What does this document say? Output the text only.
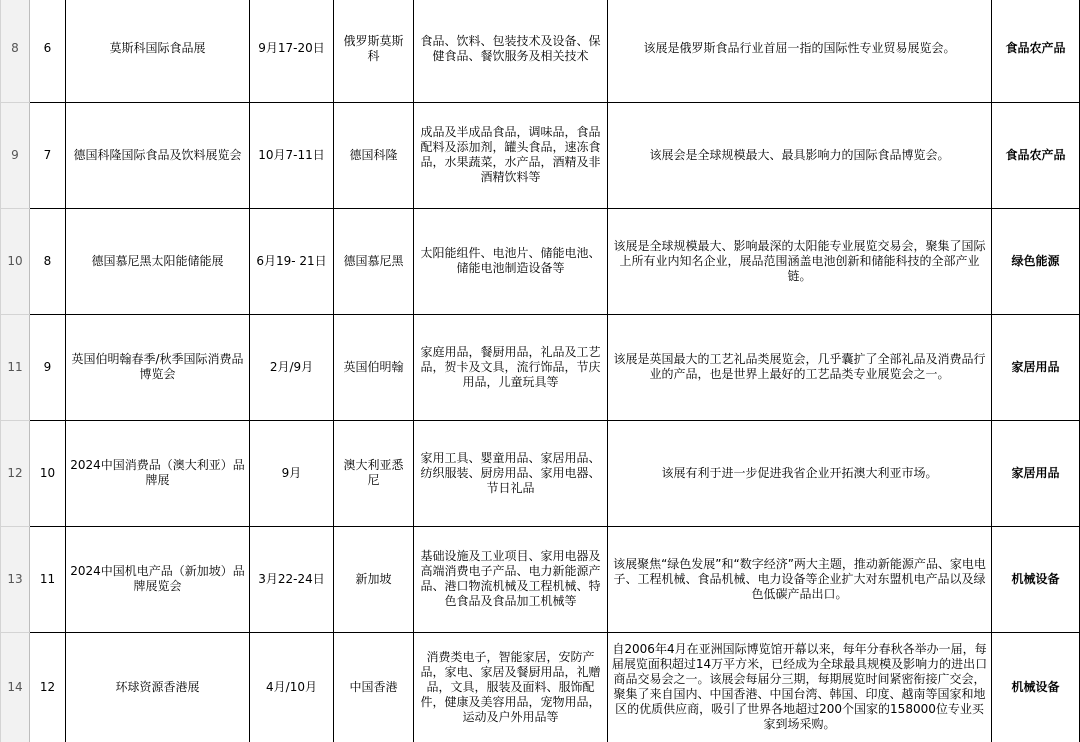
8	6	莫斯科国际食品展	9月17-20日	俄罗斯莫斯科	食品、饮料、包装技术及设备、保健食品、餐饮服务及相关技术	该展是俄罗斯食品行业首屈一指的国际性专业贸易展览会。	食品农产品
9	7	德国科隆国际食品及饮料展览会	10月7-11日	德国科隆	成品及半成品食品，调味品，食品配料及添加剂，罐头食品，速冻食品，水果蔬菜，水产品，酒精及非酒精饮料等	该展会是全球规模最大、最具影响力的国际食品博览会。	食品农产品
10	8	德国慕尼黑太阳能储能展	6月19- 21日	德国慕尼黑	太阳能组件、电池片、储能电池、储能电池制造设备等	该展是全球规模最大、影响最深的太阳能专业展览交易会，聚集了国际上所有业内知名企业，展品范围涵盖电池创新和储能科技的全部产业链。	绿色能源
11	9	英国伯明翰春季/秋季国际消费品博览会	2月/9月	英国伯明翰	家庭用品，餐厨用品，礼品及工艺品，贺卡及文具，流行饰品，节庆用品，儿童玩具等	该展是英国最大的工艺礼品类展览会，几乎囊扩了全部礼品及消费品行业的产品，也是世界上最好的工艺品类专业展览会之一。	家居用品
12	10	2024中国消费品（澳大利亚）品牌展	9月	澳大利亚悉尼	家用工具、婴童用品、家居用品、纺织服装、厨房用品、家用电器、节日礼品	该展有利于进一步促进我省企业开拓澳大利亚市场。	家居用品
13	11	2024中国机电产品（新加坡）品牌展览会	3月22-24日	新加坡	基础设施及工业项目、家用电器及高端消费电子产品、电力新能源产品、港口物流机械及工程机械、特色食品及食品加工机械等	该展聚焦“绿色发展”和“数字经济”两大主题，推动新能源产品、家电电子、工程机械、食品机械、电力设备等企业扩大对东盟机电产品以及绿色低碳产品出口。	机械设备
14	12	环球资源香港展	4月/10月	中国香港	消费类电子，智能家居，安防产品，家电、家居及餐厨用品，礼赠品，文具，服装及面料、服饰配件，健康及美容用品，宠物用品，运动及户外用品等	自2006年4月在亚洲国际博览馆开幕以来，每年分春秋各举办一届，每届展览面积超过14万平方米，已经成为全球最具规模及影响力的进出口商品交易会之一。该展会每届分三期，每期展览时间紧密衔接广交会，聚集了来自国内、中国香港、中国台湾、韩国、印度、越南等国家和地区的优质供应商，吸引了世界各地超过200个国家的158000位专业买家到场采购。	机械设备
